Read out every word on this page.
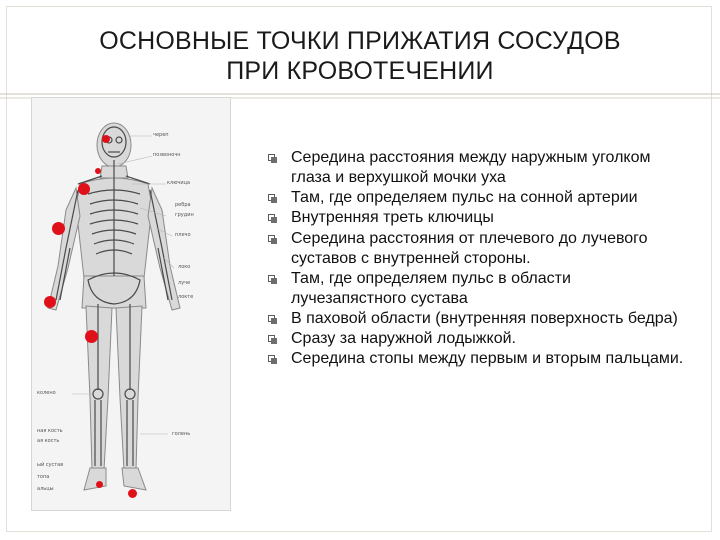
ОСНОВНЫЕ ТОЧКИ ПРИЖАТИЯ СОСУДОВ
ПРИ КРОВОТЕЧЕНИИ
череп
позвоночн
ключица
ребра
грудин
плечо
локо
луче
локте
колено
ная кость
ая кость
голень
ый сустав
топа
альцы
Середина расстояния между наружным уголком глаза и верхушкой мочки уха
Там, где определяем пульс на сонной артерии
Внутренняя треть ключицы
Середина расстояния от плечевого до лучевого суставов с внутренней стороны.
Там, где определяем пульс в области лучезапястного сустава
В паховой области (внутренняя поверхность бедра)
Сразу за наружной лодыжкой.
Середина стопы между первым и вторым пальцами.
